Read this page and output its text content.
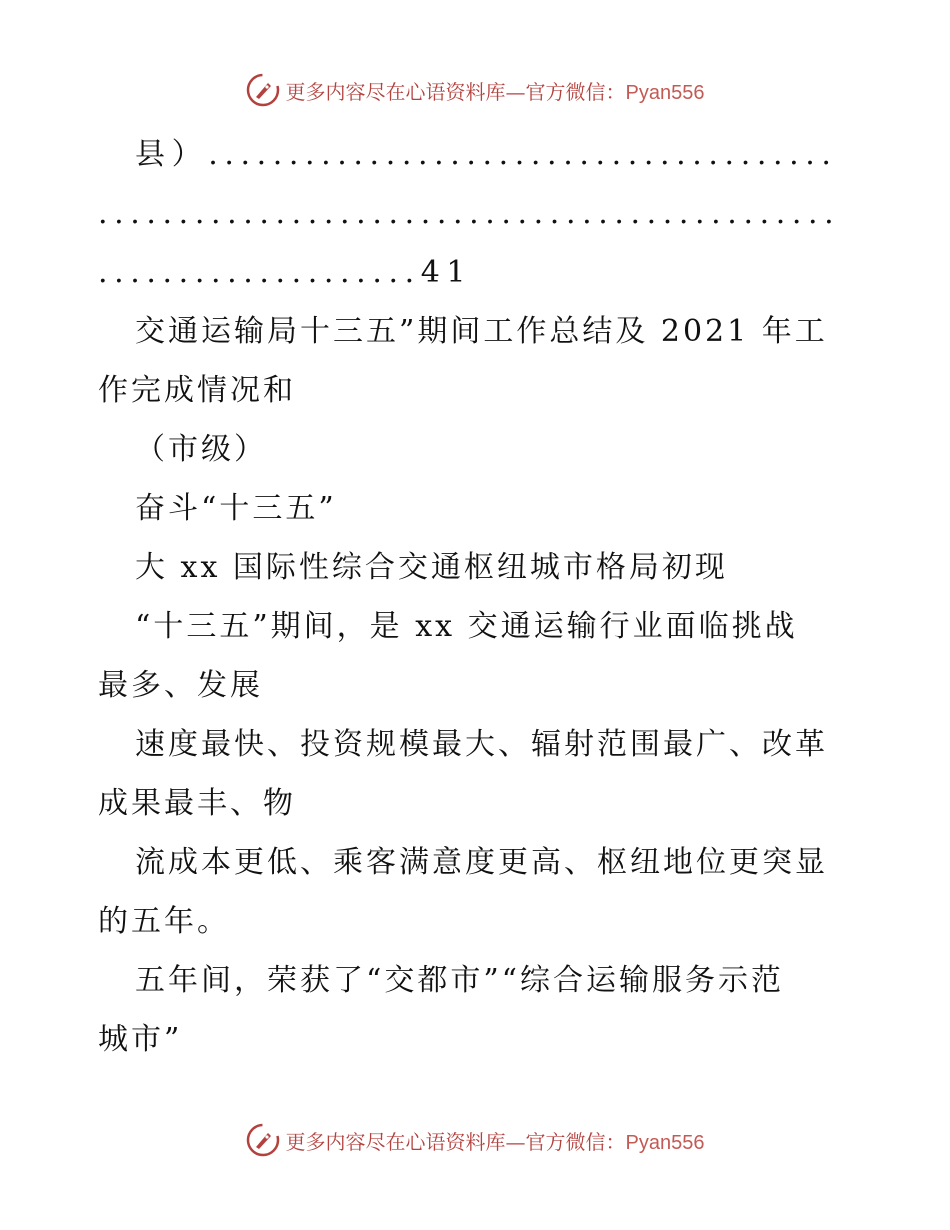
更多内容尽在心语资料库—官方微信：Pyan556
县）.......................................
..............................................
....................41
交通运输局十三五”期间工作总结及 2021 年工
作完成情况和
（市级）
奋斗“十三五”
大 xx 国际性综合交通枢纽城市格局初现
“十三五”期间，是 xx 交通运输行业面临挑战
最多、发展
速度最快、投资规模最大、辐射范围最广、改革
成果最丰、物
流成本更低、乘客满意度更高、枢纽地位更突显
的五年。
五年间，荣获了“交都市”“综合运输服务示范
城市”
更多内容尽在心语资料库—官方微信：Pyan556
